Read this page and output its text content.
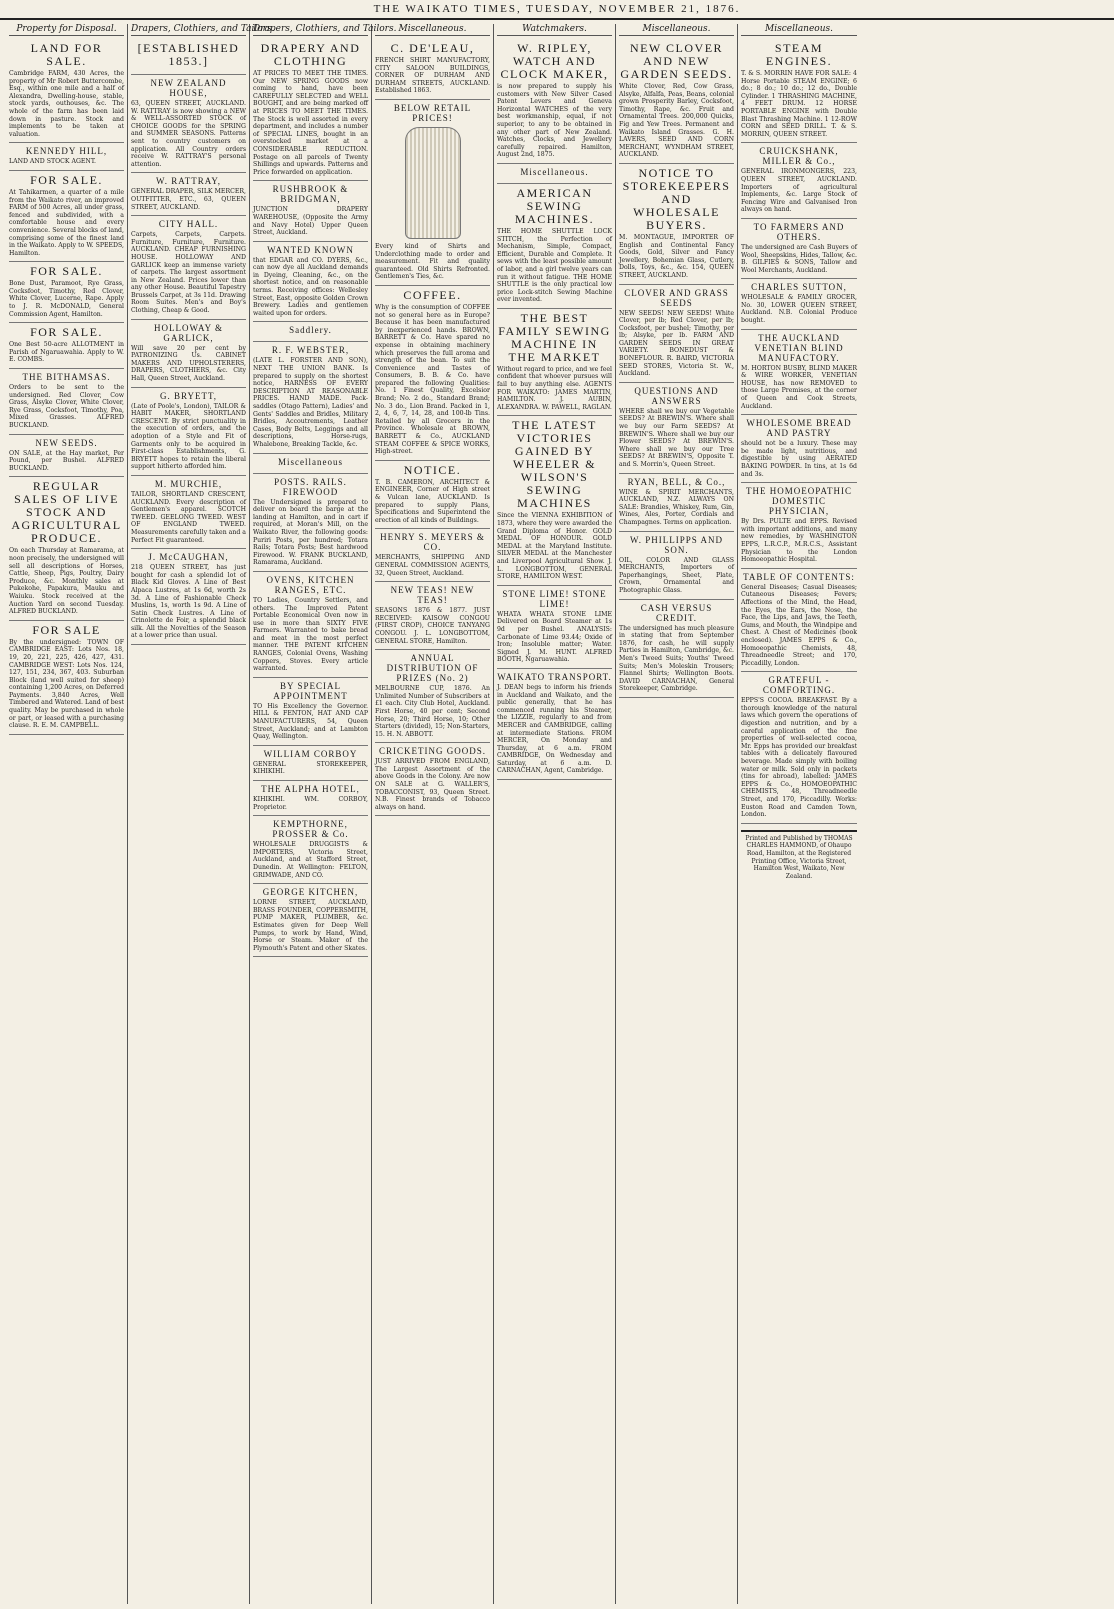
THE WAIKATO TIMES, TUESDAY, NOVEMBER 21, 1876.
Property for Disposal.
LAND FOR SALE.

Cambridge FARM, 430 Acres, the property of Mr Robert Buttercombe, Esq., within one mile and a half of Alexandra, Dwelling-house, stable, stock yards, outhouses, &c. The whole of the farm has been laid down in pasture. Stock and implements to be taken at valuation.

KENNEDY HILL,

LAND AND STOCK AGENT.

FOR SALE.

At Tahikarmen, a quarter of a mile from the Waikato river, an improved FARM of 500 Acres, all under grass, fenced and subdivided, with a comfortable house and every convenience. Several blocks of land, comprising some of the finest land in the Waikato. Apply to W. SPEEDS, Hamilton.

FOR SALE.

Bone Dust, Paramoot, Rye Grass, Cocksfoot, Timothy, Red Clover, White Clover, Lucerne, Rape. Apply to J. R. McDONALD, General Commission Agent, Hamilton.

FOR SALE.

One Best 50-acre ALLOTMENT in Parish of Ngaruawahia. Apply to W. E. COMBS.

THE BITHAMSAS.

Orders to be sent to the undersigned. Red Clover, Cow Grass, Alsyke Clover, White Clover, Rye Grass, Cocksfoot, Timothy, Poa, Mixed Grasses. ALFRED BUCKLAND.

NEW SEEDS.

ON SALE, at the Hay market, Per Pound, per Bushel. ALFRED BUCKLAND.

REGULAR SALES OF LIVE STOCK AND AGRICULTURAL PRODUCE.

On each Thursday at Ramarama, at noon precisely, the undersigned will sell all descriptions of Horses, Cattle, Sheep, Pigs, Poultry, Dairy Produce, &c. Monthly sales at Pukekohe, Papakura, Mauku and Waiuku. Stock received at the Auction Yard on second Tuesday. ALFRED BUCKLAND.

FOR SALE

By the undersigned: TOWN OF CAMBRIDGE EAST: Lots Nos. 18, 19, 20, 221, 225, 426, 427, 431. CAMBRIDGE WEST: Lots Nos. 124, 127, 151, 234, 367, 403. Suburban Block (land well suited for sheep) containing 1,200 Acres, on Deferred Payments. 3,840 Acres, Well Timbered and Watered. Land of best quality. May be purchased in whole or part, or leased with a purchasing clause. R. E. M. CAMPBELL.

Drapers, Clothiers, and Tailors.
[ESTABLISHED 1853.]
NEW ZEALAND HOUSE,

63, QUEEN STREET, AUCKLAND. W. RATTRAY is now showing a NEW & WELL-ASSORTED STOCK of CHOICE GOODS for the SPRING and SUMMER SEASONS. Patterns sent to country customers on application. All Country orders receive W. RATTRAY'S personal attention.

W. RATTRAY,

GENERAL DRAPER, SILK MERCER, OUTFITTER, ETC., 63, QUEEN STREET, AUCKLAND.

CITY HALL.

Carpets, Carpets, Carpets. Furniture, Furniture, Furniture. AUCKLAND. CHEAP FURNISHING HOUSE. HOLLOWAY AND GARLICK keep an immense variety of carpets. The largest assortment in New Zealand. Prices lower than any other House. Beautiful Tapestry Brussels Carpet, at 3s 11d. Drawing Room Suites. Men's and Boy's Clothing, Cheap & Good.

HOLLOWAY & GARLICK,

Will save 20 per cent by PATRONIZING Us. CABINET MAKERS AND UPHOLSTERERS, DRAPERS, CLOTHIERS, &c. City Hall, Queen Street, Auckland.

G. BRYETT,

(Late of Poole's, London), TAILOR & HABIT MAKER, SHORTLAND CRESCENT. By strict punctuality in the execution of orders, and the adoption of a Style and Fit of Garments only to be acquired in First-class Establishments, G. BRYETT hopes to retain the liberal support hitherto afforded him.

M. MURCHIE,

TAILOR, SHORTLAND CRESCENT, AUCKLAND. Every description of Gentlemen's apparel. SCOTCH TWEED. GEELONG TWEED. WEST OF ENGLAND TWEED. Measurements carefully taken and a Perfect Fit guaranteed.

J. McCAUGHAN,

218 QUEEN STREET, has just bought for cash a splendid lot of Black Kid Gloves. A Line of Best Alpaca Lustres, at 1s 6d, worth 2s 3d. A Line of Fashionable Check Muslins, 1s, worth 1s 9d. A Line of Satin Check Lustres. A Line of Crinolette de Foir, a splendid black silk. All the Novelties of the Season at a lower price than usual.

Drapers, Clothiers, and Tailors.
DRAPERY AND CLOTHING

AT PRICES TO MEET THE TIMES. Our NEW SPRING GOODS now coming to hand, have been CAREFULLY SELECTED and WELL BOUGHT, and are being marked off at PRICES TO MEET THE TIMES. The Stock is well assorted in every department, and includes a number of SPECIAL LINES, bought in an overstocked market at a CONSIDERABLE REDUCTION. Postage on all parcels of Twenty Shillings and upwards. Patterns and Price forwarded on application.

RUSHBROOK & BRIDGMAN,

JUNCTION DRAPERY WAREHOUSE, (Opposite the Army and Navy Hotel) Upper Queen Street, Auckland.

WANTED KNOWN

that EDGAR and CO. DYERS, &c., can now dye all Auckland demands in Dyeing, Cleaning, &c., on the shortest notice, and on reasonable terms. Receiving offices: Wellesley Street, East, opposite Golden Crown Brewery. Ladies and gentlemen waited upon for orders.

Saddlery.
R. F. WEBSTER,

(LATE L. FORSTER AND SON), NEXT THE UNION BANK. Is prepared to supply on the shortest notice, HARNESS OF EVERY DESCRIPTION AT REASONABLE PRICES. HAND MADE. Pack-saddles (Otago Pattern), Ladies' and Gents' Saddles and Bridles, Military Bridles, Accoutrements, Leather Cases, Body Belts, Leggings and all descriptions, Horse-rugs, Whalebone, Breaking Tackle, &c.

Miscellaneous
POSTS. RAILS. FIREWOOD

The Undersigned is prepared to deliver on board the barge at the landing at Hamilton, and in cart if required, at Moran's Mill, on the Waikato River, the following goods: Puriri Posts, per hundred; Totara Rails; Totara Posts; Best hardwood Firewood. W. FRANK BUCKLAND, Ramarama, Auckland.

OVENS, KITCHEN RANGES, ETC.

TO Ladies, Country Settlers, and others. The Improved Patent Portable Economical Oven now in use in more than SIXTY FIVE Farmers. Warranted to bake bread and meat in the most perfect manner. THE PATENT KITCHEN RANGES, Colonial Ovens, Washing Coppers, Stoves. Every article warranted.

BY SPECIAL APPOINTMENT

TO His Excellency the Governor. HILL & FENTON, HAT AND CAP MANUFACTURERS, 54, Queen Street, Auckland; and at Lambton Quay, Wellington.

WILLIAM CORBOY

GENERAL STOREKEEPER, KIHIKIHI.

THE ALPHA HOTEL,

KIHIKIHI. WM. CORBOY, Proprietor.

KEMPTHORNE, PROSSER & Co.

WHOLESALE DRUGGISTS & IMPORTERS, Victoria Street, Auckland, and at Stafford Street, Dunedin. At Wellington: FELTON, GRIMWADE, AND CO.

GEORGE KITCHEN,

LORNE STREET, AUCKLAND, BRASS FOUNDER, COPPERSMITH, PUMP MAKER, PLUMBER, &c. Estimates given for Deep Well Pumps, to work by Hand, Wind, Horse or Steam. Maker of the Plymouth's Patent and other Skates.

Miscellaneous.
C. DE'LEAU,

FRENCH SHIRT MANUFACTORY, CITY SALOON BUILDINGS, CORNER OF DURHAM AND DURHAM STREETS, AUCKLAND. Established 1863.

BELOW RETAIL PRICES!

Every kind of Shirts and Underclothing made to order and measurement. Fit and quality guaranteed. Old Shirts Refronted. Gentlemen's Ties, &c.

COFFEE.

Why is the consumption of COFFEE not so general here as in Europe? Because it has been manufactured by inexperienced hands. BROWN, BARRETT & Co. Have spared no expense in obtaining machinery which preserves the full aroma and strength of the bean. To suit the Convenience and Tastes of Consumers, B. B. & Co. have prepared the following Qualities: No. 1 Finest Quality, Excelsior Brand; No. 2 do., Standard Brand; No. 3 do., Lion Brand. Packed in 1, 2, 4, 6, 7, 14, 28, and 100-lb Tins. Retailed by all Grocers in the Province. Wholesale at BROWN, BARRETT & Co., AUCKLAND STEAM COFFEE & SPICE WORKS, High-street.

NOTICE.

T. B. CAMERON, ARCHITECT & ENGINEER, Corner of High street & Vulcan lane, AUCKLAND. Is prepared to supply Plans, Specifications and Superintend the erection of all kinds of Buildings.

HENRY S. MEYERS & CO.

MERCHANTS, SHIPPING AND GENERAL COMMISSION AGENTS, 32, Queen Street, Auckland.

NEW TEAS! NEW TEAS!

SEASONS 1876 & 1877. JUST RECEIVED: KAISOW CONGOU (FIRST CROP), CHOICE TANYANG CONGOU. J. L. LONGBOTTOM, GENERAL STORE, Hamilton.

ANNUAL DISTRIBUTION OF PRIZES (No. 2)

MELBOURNE CUP, 1876. An Unlimited Number of Subscribers at £1 each. City Club Hotel, Auckland. First Horse, 40 per cent; Second Horse, 20; Third Horse, 10; Other Starters (divided), 15; Non-Starters, 15. H. N. ABBOTT.

CRICKETING GOODS.

JUST ARRIVED FROM ENGLAND, The Largest Assortment of the above Goods in the Colony. Are now ON SALE at G. WALLER'S, TOBACCONIST, 93, Queen Street. N.B. Finest brands of Tobacco always on hand.

Watchmakers.
W. RIPLEY, WATCH AND CLOCK MAKER,

is now prepared to supply his customers with New Silver Cased Patent Levers and Geneva Horizontal WATCHES of the very best workmanship, equal, if not superior, to any to be obtained in any other part of New Zealand. Watches, Clocks, and Jewellery carefully repaired. Hamilton, August 2nd, 1875.

Miscellaneous.
AMERICAN SEWING MACHINES.

THE HOME SHUTTLE LOCK STITCH, the Perfection of Mechanism, Simple, Compact, Efficient, Durable and Complete. It sews with the least possible amount of labor, and a girl twelve years can run it without fatigue. THE HOME SHUTTLE is the only practical low price Lock-stitch Sewing Machine ever invented.

THE BEST FAMILY SEWING MACHINE IN THE MARKET

Without regard to price, and we feel confident that whoever pursues will fail to buy anything else. AGENTS FOR WAIKATO: JAMES MARTIN, HAMILTON. J. AUBIN, ALEXANDRA. W. PAWELL, RAGLAN.

THE LATEST VICTORIES GAINED BY WHEELER & WILSON'S SEWING MACHINES

Since the VIENNA EXHIBITION of 1873, where they were awarded the Grand Diploma of Honor. GOLD MEDAL OF HONOUR. GOLD MEDAL at the Maryland Institute. SILVER MEDAL at the Manchester and Liverpool Agricultural Show. J. L. LONGBOTTOM, GENERAL STORE, HAMILTON WEST.

STONE LIME! STONE LIME!

WHATA WHATA STONE LIME Delivered on Board Steamer at 1s 9d per Bushel. ANALYSIS: Carbonate of Lime 93.44; Oxide of Iron; Insoluble matter; Water. Signed J. M. HUNT. ALFRED BOOTH, Ngaruawahia.

WAIKATO TRANSPORT.

J. DEAN begs to inform his friends in Auckland and Waikato, and the public generally, that he has commenced running his Steamer, the LIZZIE, regularly to and from MERCER and CAMBRIDGE, calling at intermediate Stations. FROM MERCER, On Monday and Thursday, at 6 a.m. FROM CAMBRIDGE, On Wednesday and Saturday, at 6 a.m. D. CARNACHAN, Agent, Cambridge.

Miscellaneous.
NEW CLOVER AND NEW GARDEN SEEDS.

White Clover, Red, Cow Grass, Alsyke, Alfalfa, Peas, Beans, colonial grown Prosperity Barley, Cocksfoot, Timothy, Rape, &c. Fruit and Ornamental Trees. 200,000 Quicks, Fig and Yew Trees. Permanent and Waikato Island Grasses. G. H. LAVERS, SEED AND CORN MERCHANT, WYNDHAM STREET, AUCKLAND.

NOTICE TO STOREKEEPERS AND WHOLESALE BUYERS.

M. MONTAGUE, IMPORTER OF English and Continental Fancy Goods, Gold, Silver and Fancy Jewellery, Bohemian Glass, Cutlery, Dolls, Toys, &c., &c. 154, QUEEN STREET, AUCKLAND.

CLOVER AND GRASS SEEDS

NEW SEEDS! NEW SEEDS! White Clover, per lb; Red Clover, per lb; Cocksfoot, per bushel; Timothy, per lb; Alsyke, per lb. FARM AND GARDEN SEEDS IN GREAT VARIETY. BONEDUST & BONEFLOUR. R. BAIRD, VICTORIA SEED STORES, Victoria St. W., Auckland.

QUESTIONS AND ANSWERS

WHERE shall we buy our Vegetable SEEDS? At BREWIN'S. Where shall we buy our Farm SEEDS? At BREWIN'S. Where shall we buy our Flower SEEDS? At BREWIN'S. Where shall we buy our Tree SEEDS? At BREWIN'S, Opposite T. and S. Morrin's, Queen Street.

RYAN, BELL, & Co.,

WINE & SPIRIT MERCHANTS, AUCKLAND, N.Z. ALWAYS ON SALE: Brandies, Whiskey, Rum, Gin, Wines, Ales, Porter, Cordials and Champagnes. Terms on application.

W. PHILLIPPS AND SON.

OIL, COLOR AND GLASS MERCHANTS, Importers of Paperhangings, Sheet, Plate, Crown, Ornamental and Photographic Glass.

CASH VERSUS CREDIT.

The undersigned has much pleasure in stating that from September 1876, for cash, he will supply Parties in Hamilton, Cambridge, &c. Men's Tweed Suits; Youths' Tweed Suits; Men's Moleskin Trousers; Flannel Shirts; Wellington Boots. DAVID CARNACHAN, General Storekeeper, Cambridge.

Miscellaneous.
STEAM ENGINES.

T. & S. MORRIN HAVE FOR SALE: 4 Horse Portable STEAM ENGINE; 6 do.; 8 do.; 10 do.; 12 do., Double Cylinder. 1 THRASHING MACHINE, 4 FEET DRUM. 12 HORSE PORTABLE ENGINE with Double Blast Thrashing Machine. 1 12-ROW CORN and SEED DRILL. T. & S. MORRIN, QUEEN STREET.

CRUICKSHANK, MILLER & Co.,

GENERAL IRONMONGERS, 223, QUEEN STREET, AUCKLAND. Importers of agricultural Implements, &c. Large Stock of Fencing Wire and Galvanised Iron always on hand.

TO FARMERS AND OTHERS.

The undersigned are Cash Buyers of Wool, Sheepskins, Hides, Tallow, &c. B. GILFIES & SONS, Tallow and Wool Merchants, Auckland.

CHARLES SUTTON,

WHOLESALE & FAMILY GROCER, No. 30, LOWER QUEEN STREET, Auckland. N.B. Colonial Produce bought.

THE AUCKLAND VENETIAN BLIND MANUFACTORY.

M. HORTON BUSBY, BLIND MAKER & WIRE WORKER, VENETIAN HOUSE, has now REMOVED to those Large Premises, at the corner of Queen and Cook Streets, Auckland.

WHOLESOME BREAD AND PASTRY

should not be a luxury. These may be made light, nutritious, and digestible by using AERATED BAKING POWDER. In tins, at 1s 6d and 3s.

THE HOMOEOPATHIC DOMESTIC PHYSICIAN,

By Drs. PULTE and EPPS. Revised with important additions, and many new remedies, by WASHINGTON EPPS, L.R.C.P., M.R.C.S., Assistant Physician to the London Homoeopathic Hospital.

TABLE OF CONTENTS:

General Diseases; Casual Diseases; Cutaneous Diseases; Fevers; Affections of the Mind, the Head, the Eyes, the Ears, the Nose, the Face, the Lips, and Jaws, the Teeth, Gums, and Mouth, the Windpipe and Chest. A Chest of Medicines (book enclosed). JAMES EPPS & Co., Homoeopathic Chemists, 48, Threadneedle Street; and 170, Piccadilly, London.

GRATEFUL - COMFORTING.

EPPS'S COCOA. BREAKFAST. By a thorough knowledge of the natural laws which govern the operations of digestion and nutrition, and by a careful application of the fine properties of well-selected cocoa, Mr. Epps has provided our breakfast tables with a delicately flavoured beverage. Made simply with boiling water or milk. Sold only in packets (tins for abroad), labelled: JAMES EPPS & Co., HOMOEOPATHIC CHEMISTS, 48, Threadneedle Street, and 170, Piccadilly. Works: Euston Road and Camden Town, London.

Printed and Published by THOMAS CHARLES HAMMOND, of Ohaupo Road, Hamilton, at the Registered Printing Office, Victoria Street, Hamilton West, Waikato, New Zealand.
